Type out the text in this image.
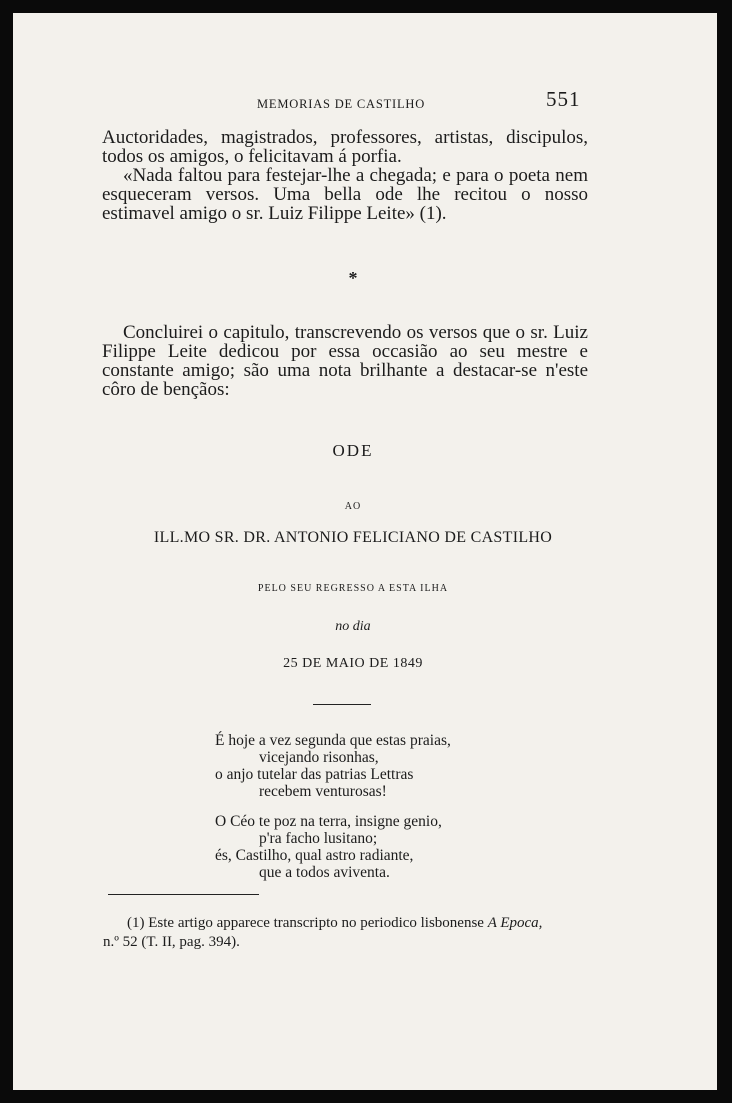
MEMORIAS DE CASTILHO	551

Auctoridades, magistrados, professores, artistas, discipulos, todos os amigos, o felicitavam á porfia.

«Nada faltou para festejar-lhe a chegada; e para o poeta nem esqueceram versos. Uma bella ode lhe recitou o nosso estimavel amigo o sr. Luiz Filippe Leite» (1).

*

Concluirei o capitulo, transcrevendo os versos que o sr. Luiz Filippe Leite dedicou por essa occasião ao seu mestre e constante amigo; são uma nota brilhante a destacar-se n'este côro de bençãos:

ODE

AO

ILL.MO SR. DR. ANTONIO FELICIANO DE CASTILHO

PELO SEU REGRESSO A ESTA ILHA

no dia

25 DE MAIO DE 1849

É hoje a vez segunda que estas praias,
vicejando risonhas,
o anjo tutelar das patrias Lettras
recebem venturosas!
O Céo te poz na terra, insigne genio,
p'ra facho lusitano;
és, Castilho, qual astro radiante,
que a todos aviventa.
(1) Este artigo apparece transcripto no periodico lisbonense A Epoca,
n.º 52 (T. II, pag. 394).
